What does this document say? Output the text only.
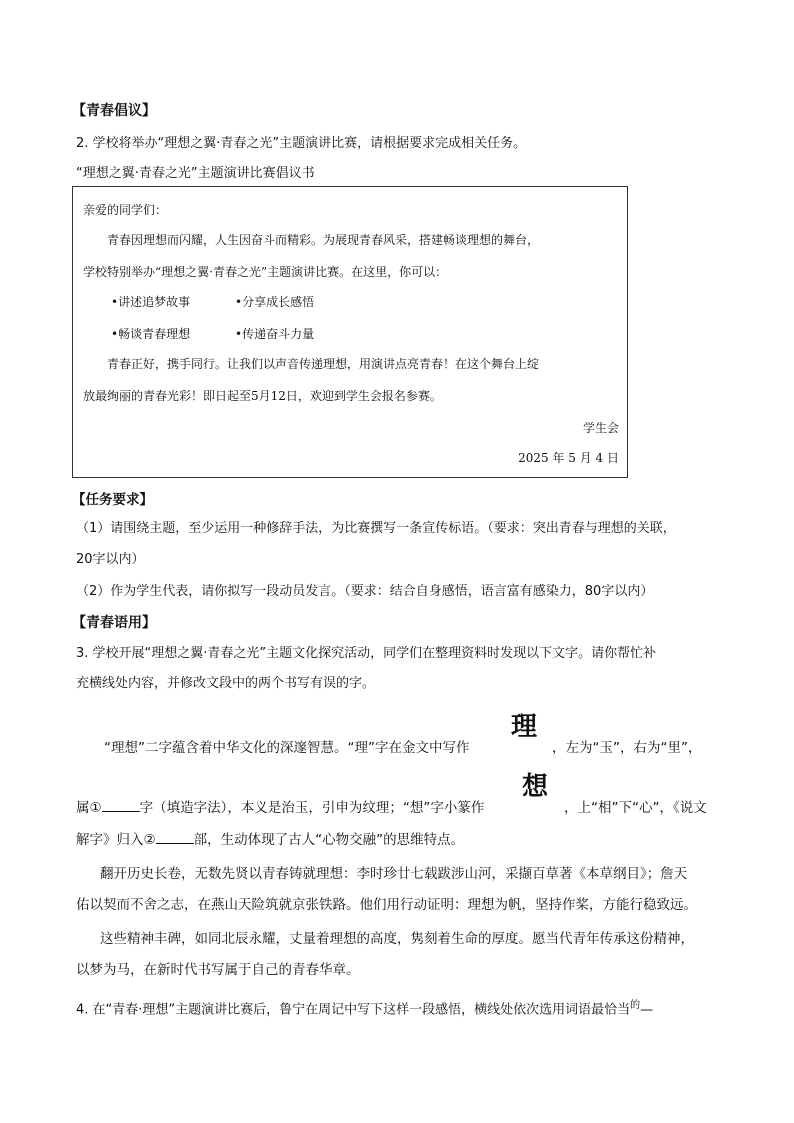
【青春倡议】
2. 学校将举办“理想之翼·青春之光”主题演讲比赛，请根据要求完成相关任务。
“理想之翼·青春之光”主题演讲比赛倡议书
亲爱的同学们：
青春因理想而闪耀，人生因奋斗而精彩。为展现青春风采，搭建畅谈理想的舞台，
学校特别举办“理想之翼·青春之光”主题演讲比赛。在这里，你可以：
•讲述追梦故事	•分享成长感悟
•畅谈青春理想	•传递奋斗力量
青春正好，携手同行。让我们以声音传递理想，用演讲点亮青春！在这个舞台上绽
放最绚丽的青春光彩！即日起至5月12日，欢迎到学生会报名参赛。
学生会
2025 年 5 月 4 日
【任务要求】
（1）请围绕主题，至少运用一种修辞手法，为比赛撰写一条宣传标语。（要求：突出青春与理想的关联，
20字以内）
（2）作为学生代表，请你拟写一段动员发言。（要求：结合自身感悟，语言富有感染力，80字以内）
【青春语用】
3. 学校开展“理想之翼·青春之光”主题文化探究活动，同学们在整理资料时发现以下文字。请你帮忙补
充横线处内容，并修改文段中的两个书写有误的字。
“理想”二字蕴含着中华文化的深邃智慧。“理”字在金文中写作
理
，左为“玉”，右为“里”，
属①	字（填造字法），本义是治玉，引申为纹理；“想”字小篆作
想
，上“相”下“心”，《说文
解字》归入②	部，生动体现了古人“心物交融”的思维特点。
翻开历史长卷，无数先贤以青春铸就理想：李时珍廿七载跋涉山河，采撷百草著《本草纲目》；詹天
佑以契而不舍之志，在燕山天险筑就京张铁路。他们用行动证明：理想为帆，坚持作桨，方能行稳致远。
这些精神丰碑，如同北辰永耀，丈量着理想的高度，隽刻着生命的厚度。愿当代青年传承这份精神，
以梦为马，在新时代书写属于自己的青春华章。
4. 在“青春·理想”主题演讲比赛后，鲁宁在周记中写下这样一段感悟，横线处依次选用词语最恰当$^的$—
